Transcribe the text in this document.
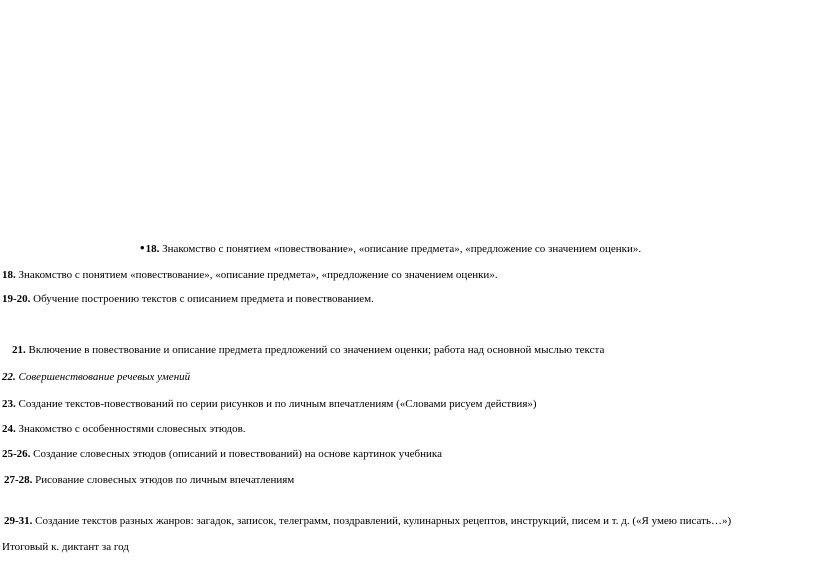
•18. Знакомство с понятием «повествование», «описание предмета», «предложение со значением оценки».
18. Знакомство с понятием «повествование», «описание предмета», «предложение со значением оценки».
19-20. Обучение построению текстов с описанием предмета и повествованием.
21. Включение в повествование и описание предмета предложений со значением оценки; работа над основной мыслью текста
22. Совершенствование речевых умений
23. Создание текстов-повествований по серии рисунков и по личным впечатлениям («Словами рисуем действия»)
24. Знакомство с особенностями словесных этюдов.
25-26. Создание словесных этюдов (описаний и повествований) на основе картинок учебника
27-28. Рисование словесных этюдов по личным впечатлениям
29-31. Создание текстов разных жанров: загадок, записок, телеграмм, поздравлений, кулинарных рецептов, инструкций, писем и т. д. («Я умею писать…»)
Итоговый к. диктант за год
